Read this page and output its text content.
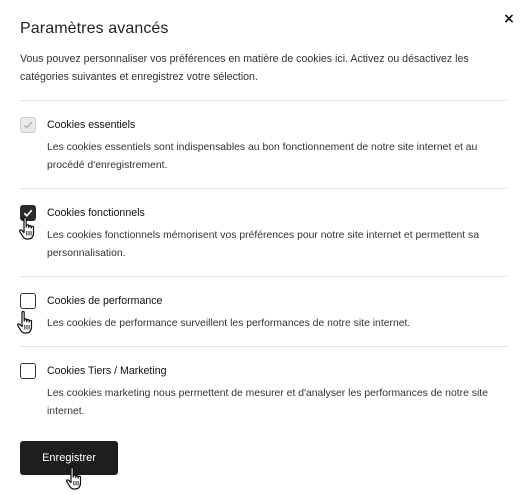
×
Paramètres avancés

Vous pouvez personnaliser vos préférences en matière de cookies ici. Activez ou désactivez les catégories suivantes et enregistrez votre sélection.

Cookies essentiels

Les cookies essentiels sont indispensables au bon fonctionnement de notre site internet et au procédé d'enregistrement.

Cookies fonctionnels

Les cookies fonctionnels mémorisent vos préférences pour notre site internet et permettent sa personnalisation.

Cookies de performance

Les cookies de performance surveillent les performances de notre site internet.

Cookies Tiers / Marketing

Les cookies marketing nous permettent de mesurer et d'analyser les performances de notre site internet.

Enregistrer
